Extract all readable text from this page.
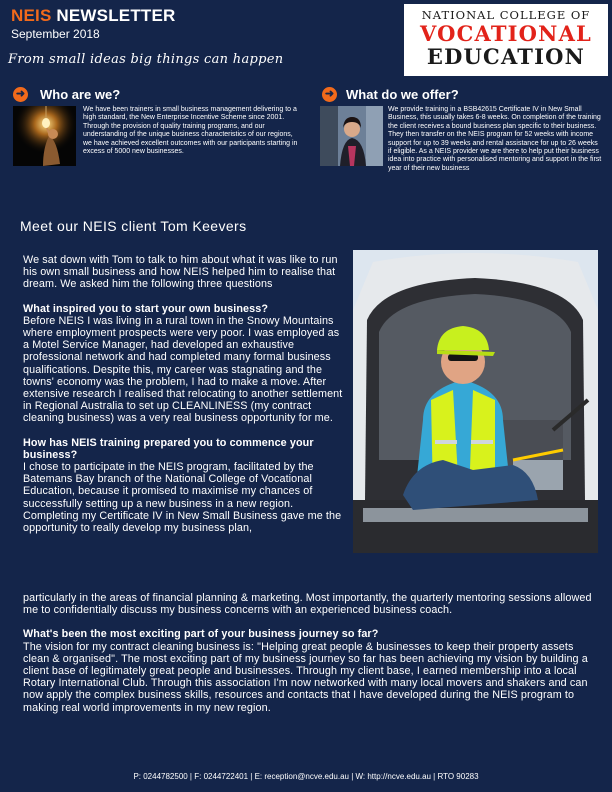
NEIS NEWSLETTER
September 2018
From small ideas big things can happen
NATIONAL COLLEGE OF
VOCATIONAL
EDUCATION
➜ Who are we?
We have been trainers in small business management delivering to a high standard, the New Enterprise Incentive Scheme since 2001. Through the provision of quality training programs, and our understanding of the unique business characteristics of our regions, we have achieved excellent outcomes with our participants starting in excess of 5000 new businesses.
➜ What do we offer?
We provide training in a BSB42615 Certificate IV in New Small Business, this usually takes 6-8 weeks. On completion of the training the client receives a bound business plan specific to their business. They then transfer on the NEIS program for 52 weeks with income support for up to 39 weeks and rental assistance for up to 26 weeks if eligible. As a NEIS provider we are there to help put their business idea into practice with personalised mentoring and support in the first year of their new business
Meet our NEIS client Tom Keevers

We sat down with Tom to talk to him about what it was like to run his own small business and how NEIS helped him to realise that dream. We asked him the following three questions

What inspired you to start your own business?

Before NEIS I was living in a rural town in the Snowy Mountains where employment prospects were very poor. I was employed as a Motel Service Manager, had developed an exhaustive professional network and had completed many formal business qualifications. Despite this, my career was stagnating and the towns' economy was the problem, I had to make a move. After extensive research I realised that relocating to another settlement in Regional Australia to set up CLEANLINESS (my contract cleaning business) was a very real business opportunity for me.

How has NEIS training prepared you to commence your business?

I chose to participate in the NEIS program, facilitated by the Batemans Bay branch of the National College of Vocational Education, because it promised to maximise my chances of successfully setting up a new business in a new region. Completing my Certificate IV in New Small Business gave me the opportunity to really develop my business plan,

particularly in the areas of financial planning & marketing. Most importantly, the quarterly mentoring sessions allowed me to confidentially discuss my business concerns with an experienced business coach.

What's been the most exciting part of your business journey so far?

The vision for my contract cleaning business is: "Helping great people & businesses to keep their property assets clean & organised". The most exciting part of my business journey so far has been achieving my vision by building a client base of legitimately great people and businesses. Through my client base, I earned membership into a local Rotary International Club. Through this association I'm now networked with many local movers and shakers and can now apply the complex business skills, resources and contacts that I have developed during the NEIS program to making real world improvements in my new region.

P: 0244782500 | F: 0244722401 | E: reception@ncve.edu.au | W: http://ncve.edu.au | RTO 90283
